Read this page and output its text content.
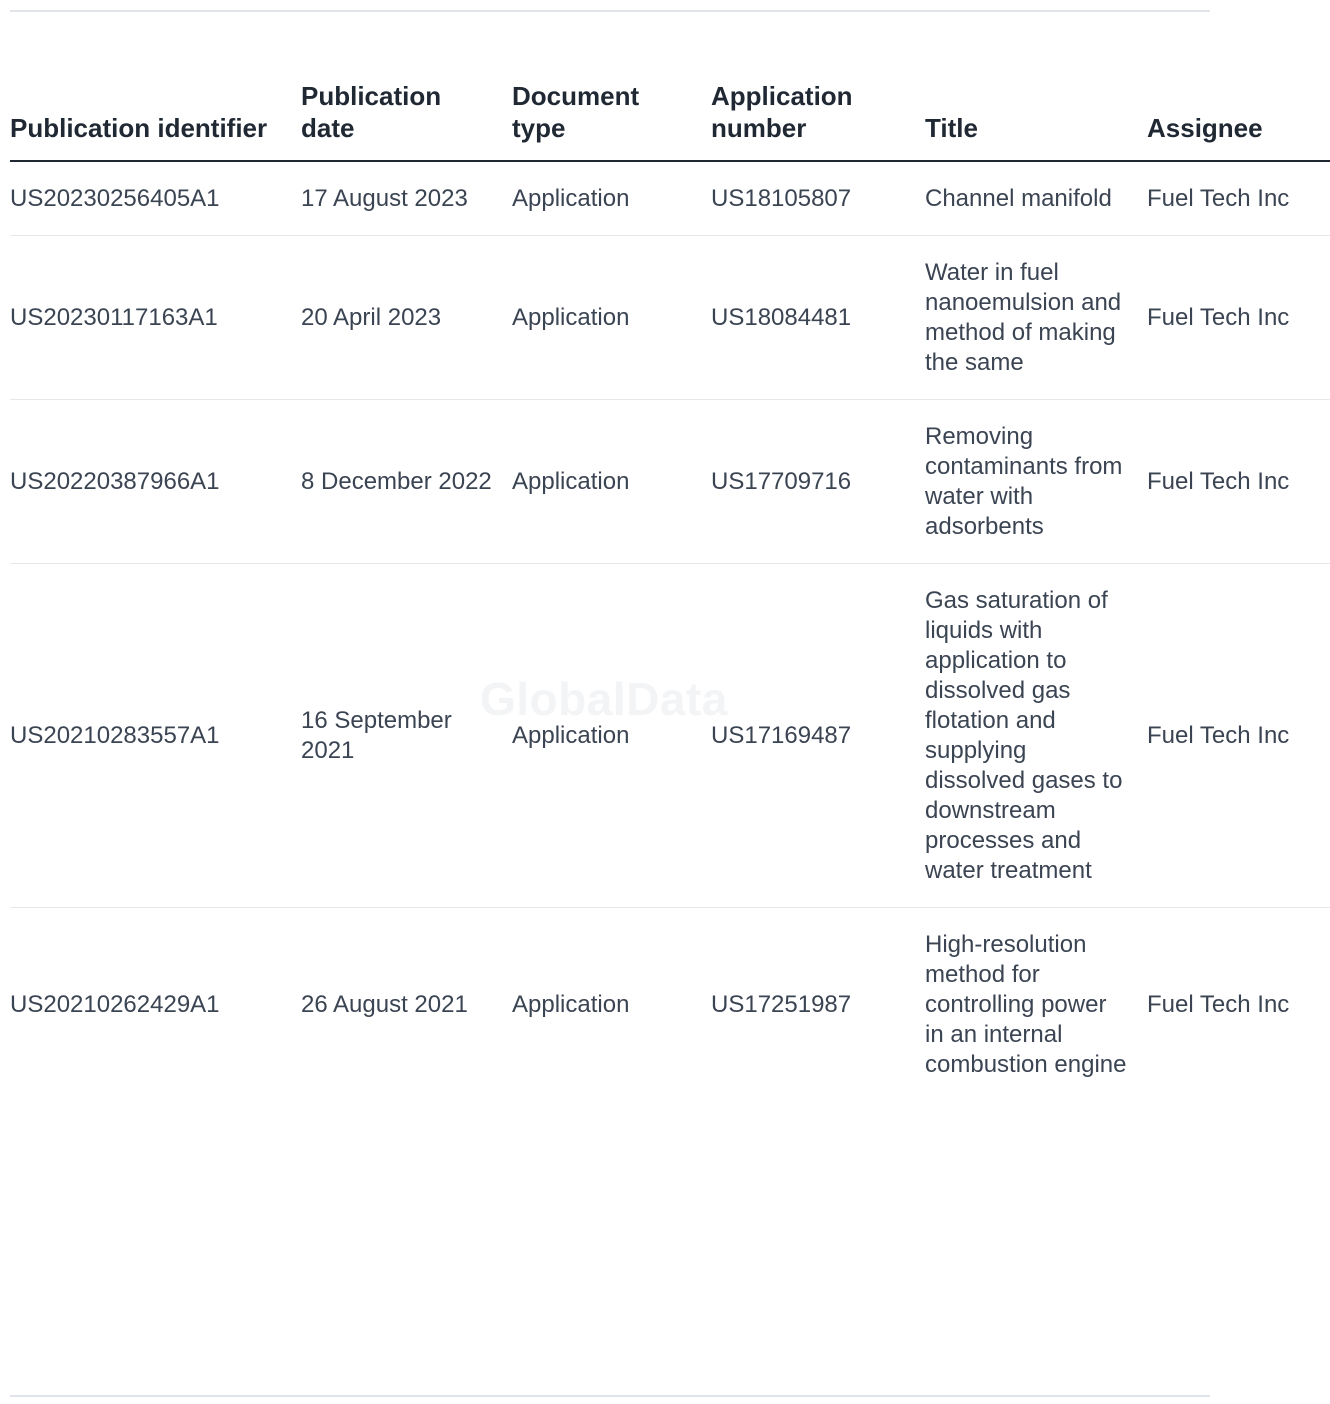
GlobalData
Publication identifier	Publication date	Document type	Application number	Title	Assignee
US20230256405A1	17 August 2023	Application	US18105807	Channel manifold	Fuel Tech Inc
US20230117163A1	20 April 2023	Application	US18084481	Water in fuel nanoemulsion and method of making the same	Fuel Tech Inc
US20220387966A1	8 December 2022	Application	US17709716	Removing contaminants from water with adsorbents	Fuel Tech Inc
US20210283557A1	16 September 2021	Application	US17169487	Gas saturation of liquids with application to dissolved gas flotation and supplying dissolved gases to downstream processes and water treatment	Fuel Tech Inc
US20210262429A1	26 August 2021	Application	US17251987	High-resolution method for controlling power in an internal combustion engine	Fuel Tech Inc
